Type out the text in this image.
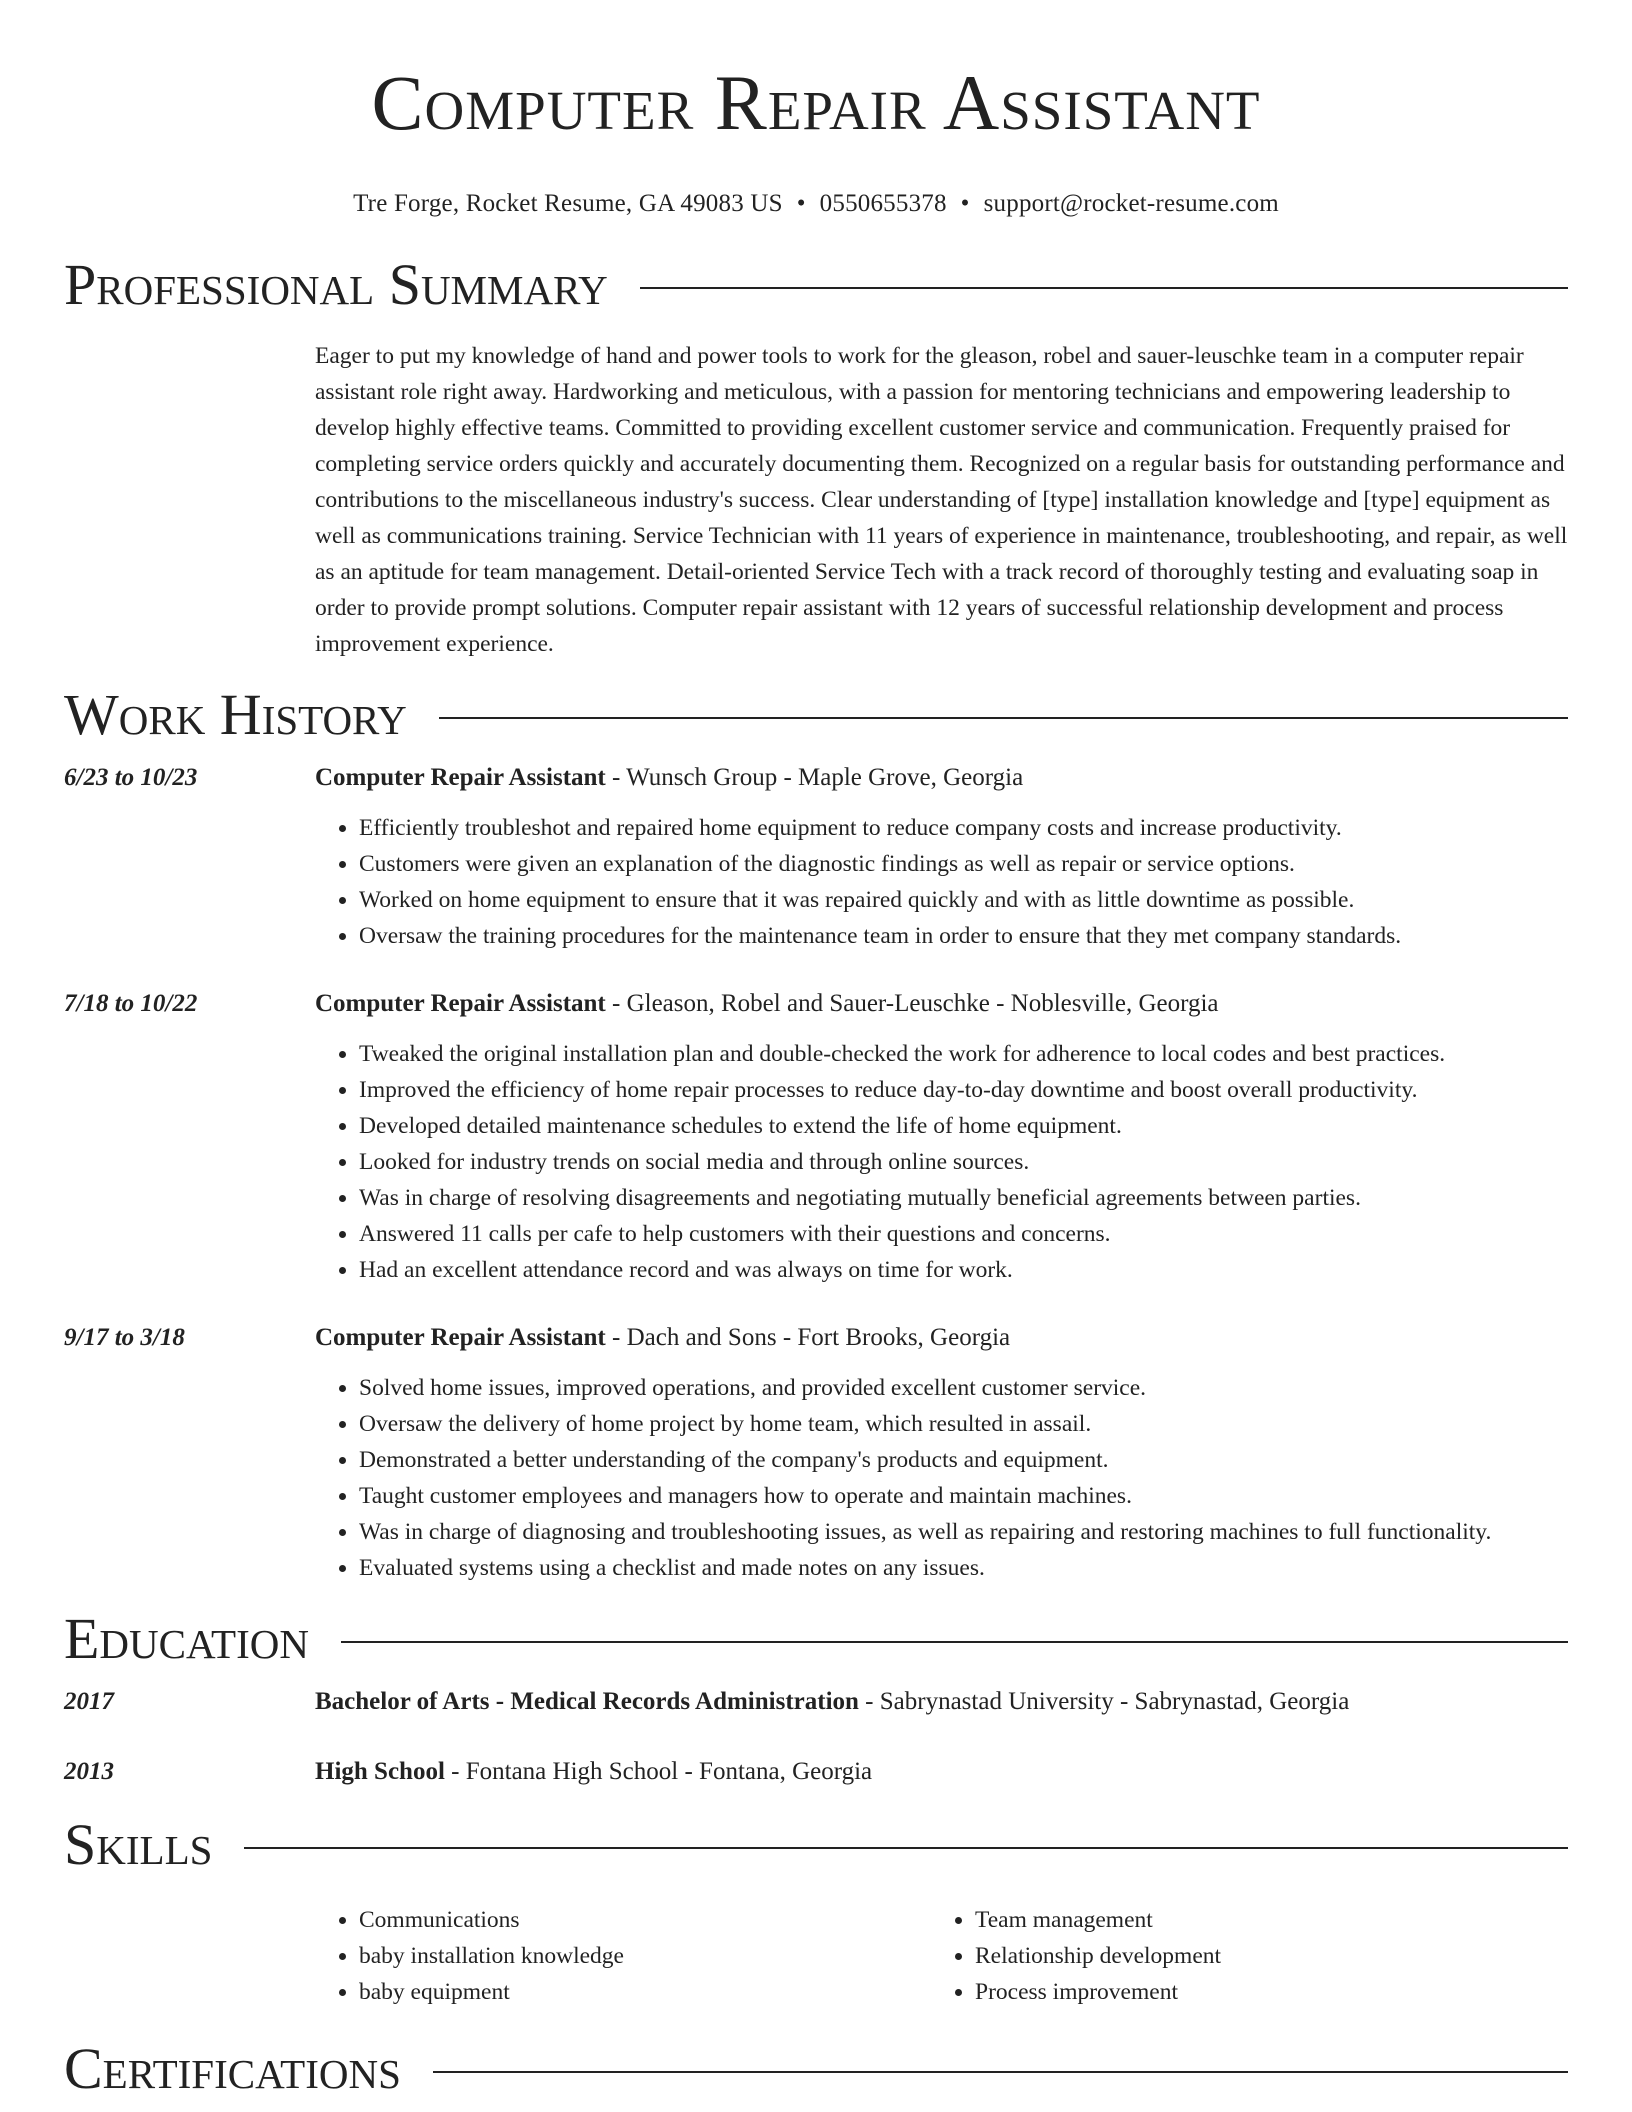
Computer Repair Assistant
Tre Forge, Rocket Resume, GA 49083 US • 0550655378 • support@rocket-resume.com
Professional Summary
Eager to put my knowledge of hand and power tools to work for the gleason, robel and sauer-leuschke team in a computer repair assistant role right away. Hardworking and meticulous, with a passion for mentoring technicians and empowering leadership to develop highly effective teams. Committed to providing excellent customer service and communication. Frequently praised for completing service orders quickly and accurately documenting them. Recognized on a regular basis for outstanding performance and contributions to the miscellaneous industry's success. Clear understanding of [type] installation knowledge and [type] equipment as well as communications training. Service Technician with 11 years of experience in maintenance, troubleshooting, and repair, as well as an aptitude for team management. Detail-oriented Service Tech with a track record of thoroughly testing and evaluating soap in order to provide prompt solutions. Computer repair assistant with 12 years of successful relationship development and process improvement experience.
Work History
6/23 to 10/23	Computer Repair Assistant - Wunsch Group - Maple Grove, Georgia
• Efficiently troubleshot and repaired home equipment to reduce company costs and increase productivity.
• Customers were given an explanation of the diagnostic findings as well as repair or service options.
• Worked on home equipment to ensure that it was repaired quickly and with as little downtime as possible.
• Oversaw the training procedures for the maintenance team in order to ensure that they met company standards.
7/18 to 10/22	Computer Repair Assistant - Gleason, Robel and Sauer-Leuschke - Noblesville, Georgia
• Tweaked the original installation plan and double-checked the work for adherence to local codes and best practices.
• Improved the efficiency of home repair processes to reduce day-to-day downtime and boost overall productivity.
• Developed detailed maintenance schedules to extend the life of home equipment.
• Looked for industry trends on social media and through online sources.
• Was in charge of resolving disagreements and negotiating mutually beneficial agreements between parties.
• Answered 11 calls per cafe to help customers with their questions and concerns.
• Had an excellent attendance record and was always on time for work.
9/17 to 3/18	Computer Repair Assistant - Dach and Sons - Fort Brooks, Georgia
• Solved home issues, improved operations, and provided excellent customer service.
• Oversaw the delivery of home project by home team, which resulted in assail.
• Demonstrated a better understanding of the company's products and equipment.
• Taught customer employees and managers how to operate and maintain machines.
• Was in charge of diagnosing and troubleshooting issues, as well as repairing and restoring machines to full functionality.
• Evaluated systems using a checklist and made notes on any issues.
Education
2017	Bachelor of Arts - Medical Records Administration - Sabrynastad University - Sabrynastad, Georgia
2013	High School - Fontana High School - Fontana, Georgia
Skills
• Communications
• baby installation knowledge
• baby equipment
• Team management
• Relationship development
• Process improvement
Certifications
